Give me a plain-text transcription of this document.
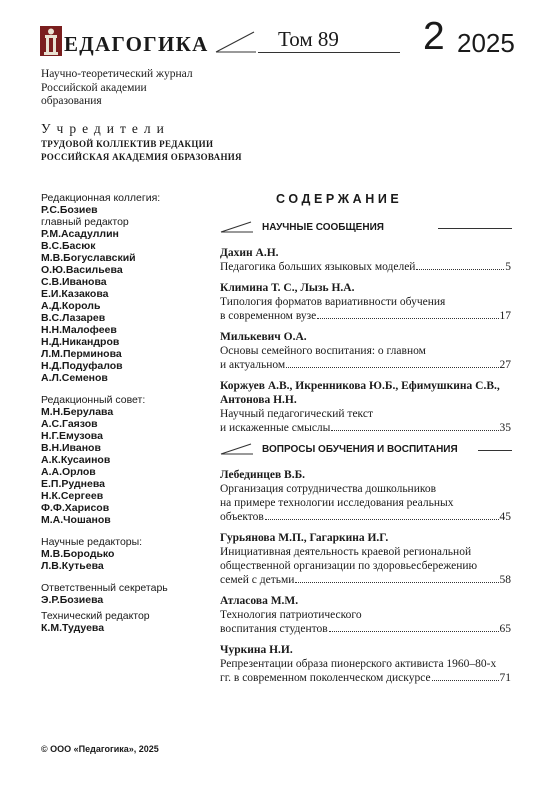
ЕДАГОГИКА	Том 89 2 2025
Научно-теоретический журнал
Российской академии
образования
Учредители
ТРУДОВОЙ КОЛЛЕКТИВ РЕДАКЦИИ
РОССИЙСКАЯ АКАДЕМИЯ ОБРАЗОВАНИЯ
Редакционная коллегия:
Р.С.Бозиев
главный редактор
Р.М.Асадуллин
В.С.Басюк
М.В.Богуславский
О.Ю.Васильева
С.В.Иванова
Е.И.Казакова
А.Д.Король
В.С.Лазарев
Н.Н.Малофеев
Н.Д.Никандров
Л.М.Перминова
Н.Д.Подуфалов
А.Л.Семенов
Редакционный совет:
М.Н.Берулава
А.С.Гаязов
Н.Г.Емузова
В.Н.Иванов
А.К.Кусаинов
А.А.Орлов
Е.П.Руднева
Н.К.Сергеев
Ф.Ф.Харисов
М.А.Чошанов
Научные редакторы:
М.В.Бородько
Л.В.Кутьева
Ответственный секретарь
Э.Р.Бозиева
Технический редактор
К.М.Тудуева
© ООО «Педагогика», 2025
СОДЕРЖАНИЕ
НАУЧНЫЕ СООБЩЕНИЯ
Дахин А.Н.
Педагогика больших языковых моделей	5
Климина Т. С., Лызь Н.А.
Типология форматов вариативности обучения
в современном вузе	17
Милькевич О.А.
Основы семейного воспитания: о главном
и актуальном	27
Коржуев А.В., Икренникова Ю.Б., Ефимушкина С.В.,
Антонова Н.Н.
Научный педагогический текст
и искаженные смыслы	35
ВОПРОСЫ ОБУЧЕНИЯ И ВОСПИТАНИЯ
Лебединцев В.Б.
Организация сотрудничества дошкольников
на примере технологии исследования реальных
объектов	45
Гурьянова М.П., Гагаркина И.Г.
Инициативная деятельность краевой региональной
общественной организации по здоровьесбережению
семей с детьми	58
Атласова М.М.
Технология патриотического
воспитания студентов	65
Чуркина Н.И.
Репрезентации образа пионерского активиста 1960–80-х
гг. в современном поколенческом дискурсе	71
